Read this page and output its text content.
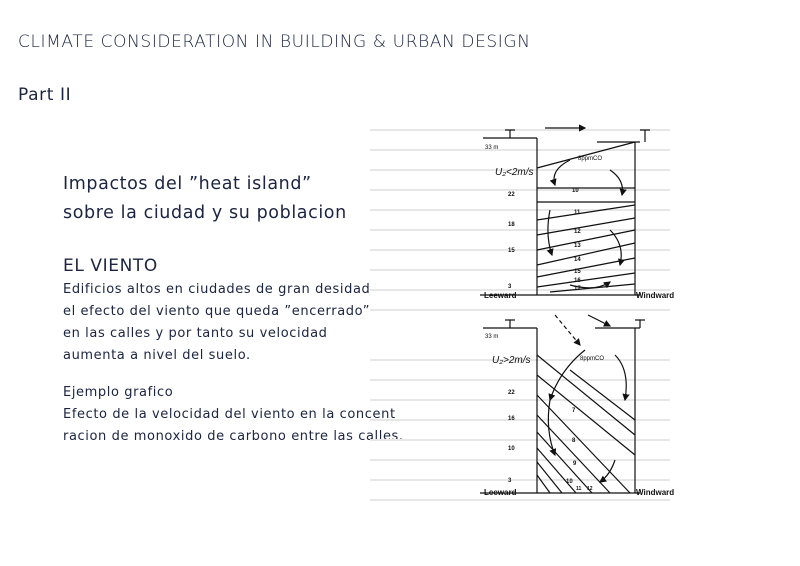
CLIMATE CONSIDERATION IN BUILDING & URBAN DESIGN
Part II
Impactos del ”heat island”
sobre la ciudad y su poblacion
EL VIENTO
Edificios altos en ciudades de gran desidad
el efecto del viento que queda ”encerrado”
en las calles y por tanto su velocidad
aumenta a nivel del suelo.
Ejemplo grafico
Efecto de la velocidad del viento en la concent
racion de monoxido de carbono entre las calles.
33 m
U₂<2m/s
8ppmCO
22
18
15
3
10
11
12
13
14
15
16
17
Leeward	Windward
33 m
U₂>2m/s	8ppmCO
22
16
10
3
7
8
9
10
11 12
Leeward	Windward
